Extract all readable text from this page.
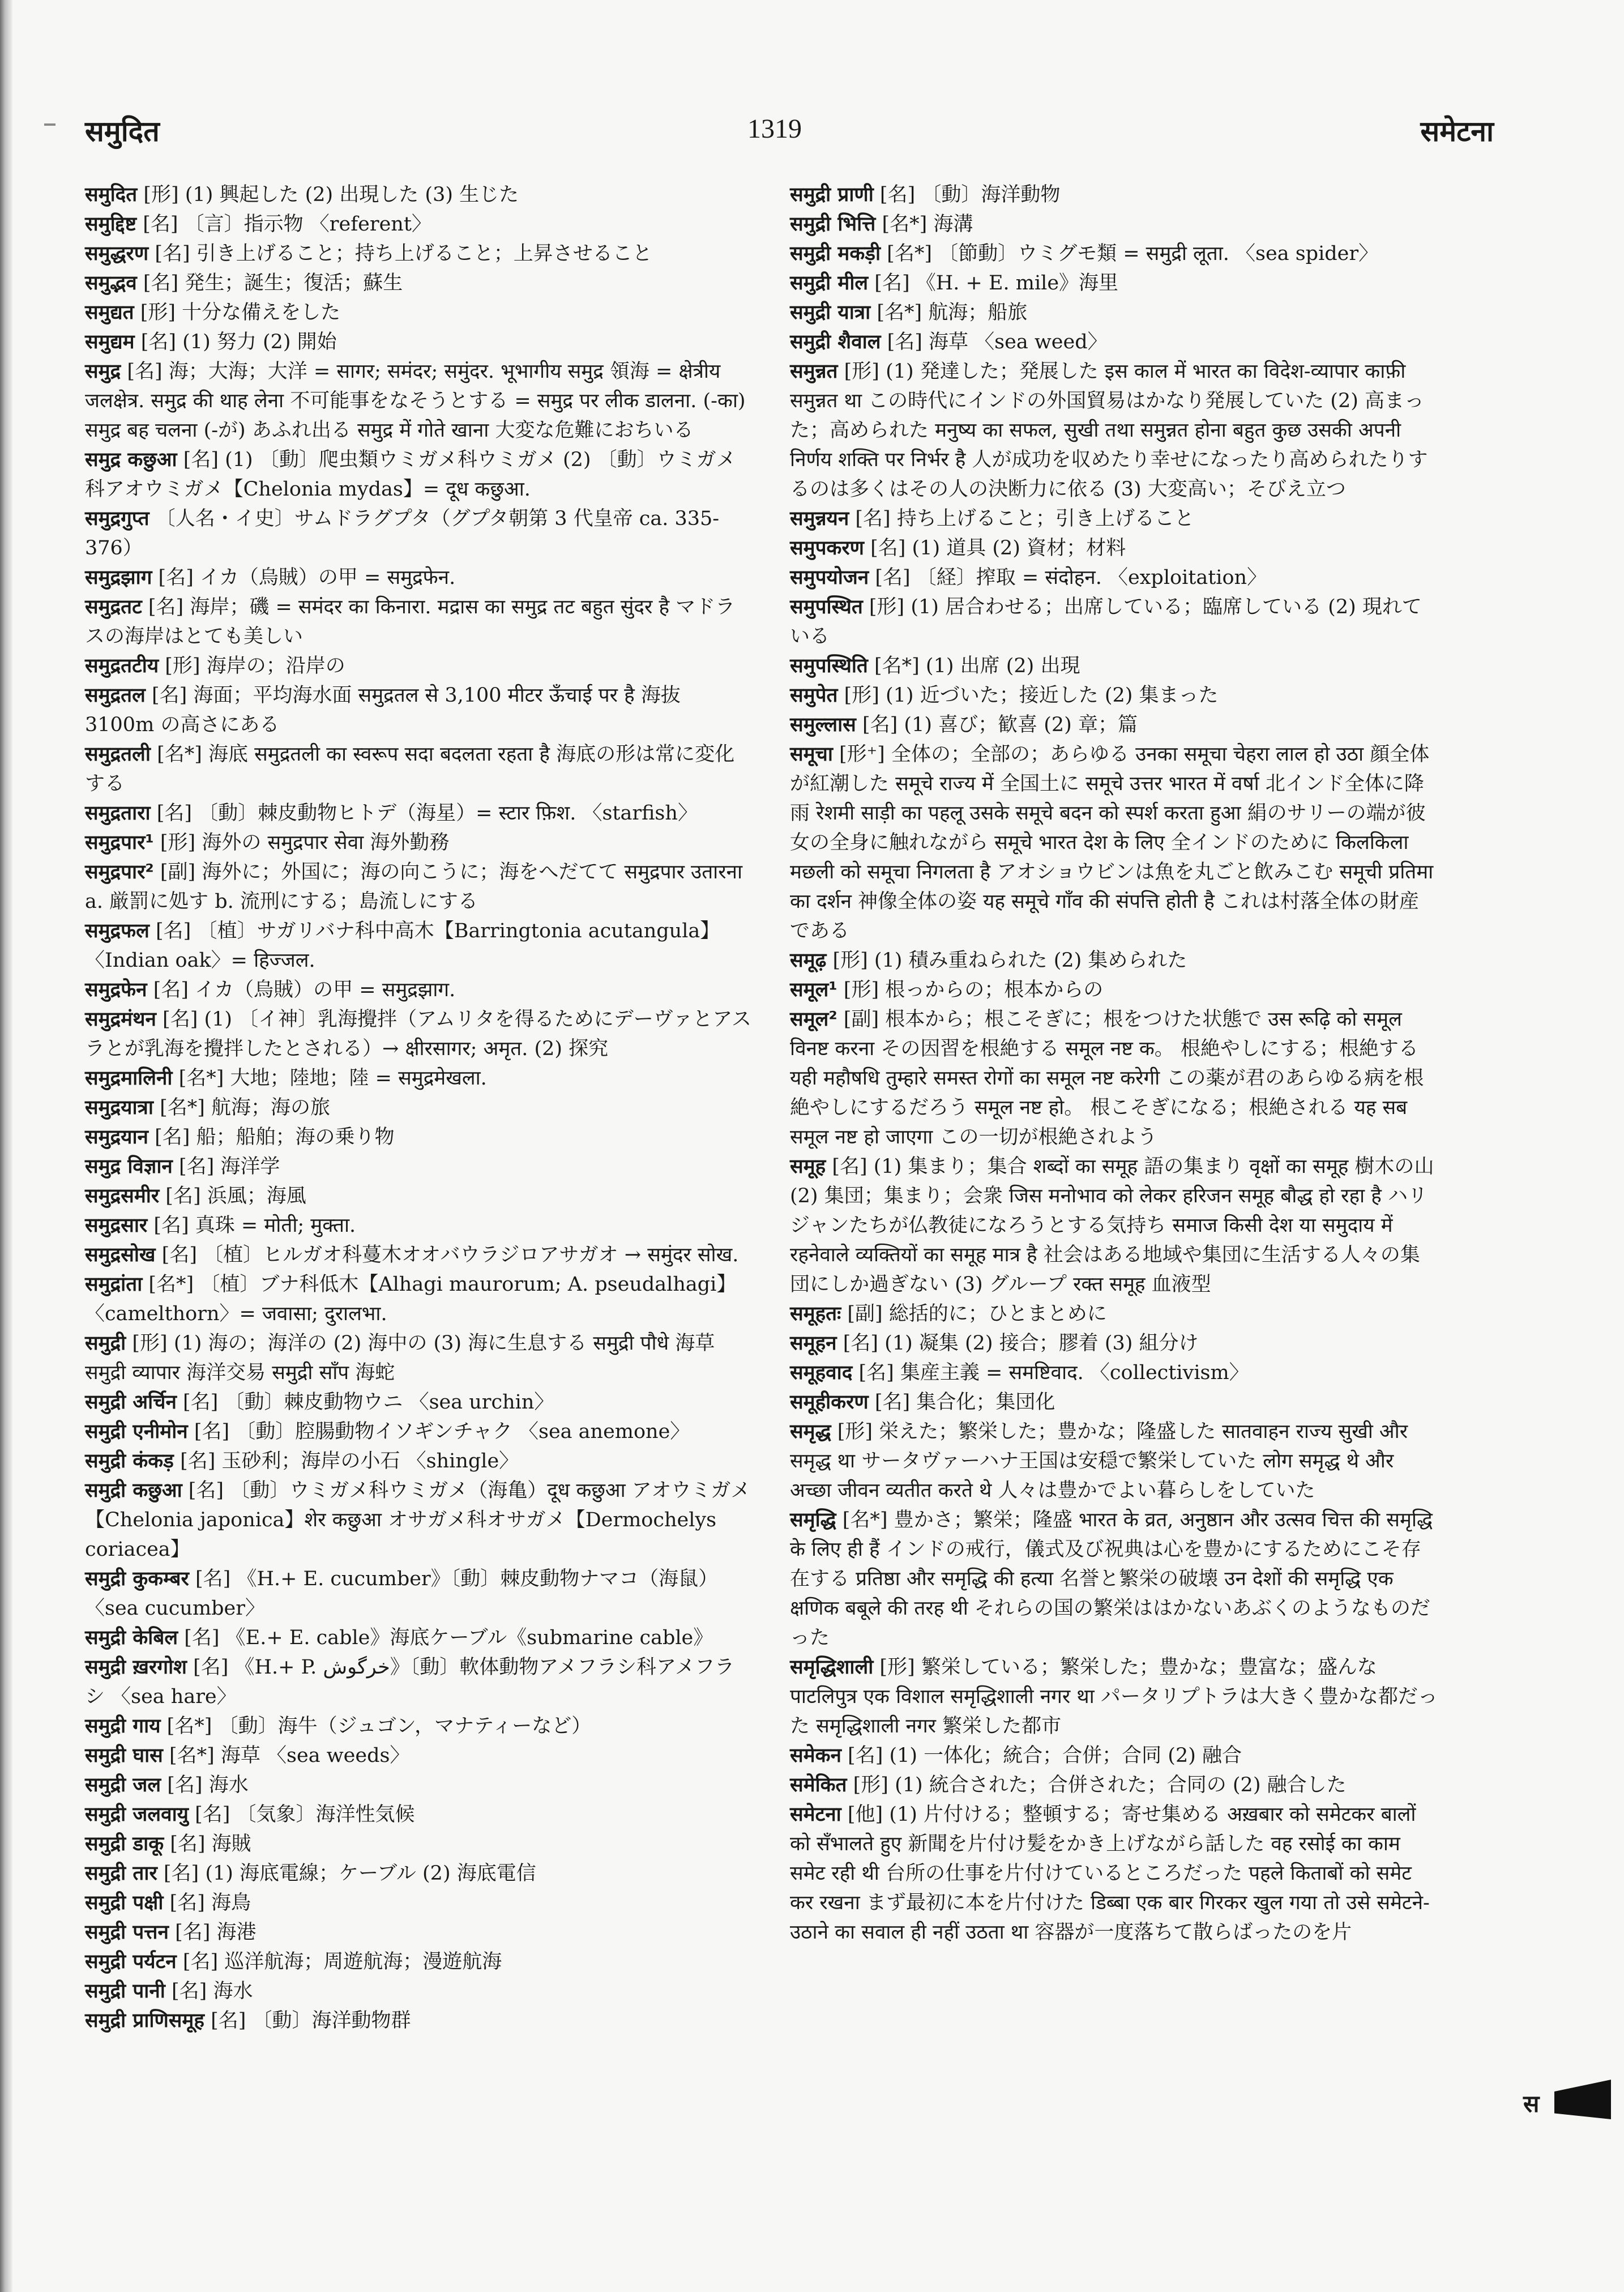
समुदित	1319	समेटना

समुदित [形] (1) 興起した (2) 出現した (3) 生じた

समुद्दिष्ट [名] 〔言〕指示物 〈referent〉

समुद्धरण [名] 引き上げること；持ち上げること；上昇させること

समुद्भव [名] 発生；誕生；復活；蘇生

समुद्यत [形] 十分な備えをした

समुद्यम [名] (1) 努力 (2) 開始

समुद्र [名] 海；大海；大洋 = सागर; समंदर; समुंदर. भूभागीय समुद्र 領海 = क्षेत्रीय जलक्षेत्र. समुद्र की थाह लेना 不可能事をなそうとする = समुद्र पर लीक डालना. (-का) समुद्र बह चलना (-が) あふれ出る समुद्र में गोते खाना 大変な危難におちいる

समुद्र कछुआ [名] (1) 〔動〕爬虫類ウミガメ科ウミガメ (2) 〔動〕ウミガメ科アオウミガメ【Chelonia mydas】= दूध कछुआ.

समुद्रगुप्त 〔人名・イ史〕サムドラグプタ（グプタ朝第 3 代皇帝 ca. 335-376）

समुद्रझाग [名] イカ（烏賊）の甲 = समुद्रफेन.

समुद्रतट [名] 海岸；磯 = समंदर का किनारा. मद्रास का समुद्र तट बहुत सुंदर है マドラスの海岸はとても美しい

समुद्रतटीय [形] 海岸の；沿岸の

समुद्रतल [名] 海面；平均海水面 समुद्रतल से 3,100 मीटर ऊँचाई पर है 海抜 3100m の高さにある

समुद्रतली [名*] 海底 समुद्रतली का स्वरूप सदा बदलता रहता है 海底の形は常に変化する

समुद्रतारा [名] 〔動〕棘皮動物ヒトデ（海星）= स्टार फ़िश. 〈starfish〉

समुद्रपार¹ [形] 海外の समुद्रपार सेवा 海外勤務

समुद्रपार² [副] 海外に；外国に；海の向こうに；海をへだてて समुद्रपार उतारना a. 厳罰に処す b. 流刑にする；島流しにする

समुद्रफल [名] 〔植〕サガリバナ科中高木【Barringtonia acutangula】〈Indian oak〉= हिज्जल.

समुद्रफेन [名] イカ（烏賊）の甲 = समुद्रझाग.

समुद्रमंथन [名] (1) 〔イ神〕乳海攪拌（アムリタを得るためにデーヴァとアスラとが乳海を攪拌したとされる）→ क्षीरसागर; अमृत. (2) 探究

समुद्रमालिनी [名*] 大地；陸地；陸 = समुद्रमेखला.

समुद्रयात्रा [名*] 航海；海の旅

समुद्रयान [名] 船；船舶；海の乗り物

समुद्र विज्ञान [名] 海洋学

समुद्रसमीर [名] 浜風；海風

समुद्रसार [名] 真珠 = मोती; मुक्ता.

समुद्रसोख [名] 〔植〕ヒルガオ科蔓木オオバウラジロアサガオ → समुंदर सोख.

समुद्रांता [名*] 〔植〕ブナ科低木【Alhagi maurorum; A. pseudalhagi】〈camelthorn〉= जवासा; दुरालभा.

समुद्री [形] (1) 海の；海洋の (2) 海中の (3) 海に生息する समुद्री पौधे 海草 समुद्री व्यापार 海洋交易 समुद्री साँप 海蛇

समुद्री अर्चिन [名] 〔動〕棘皮動物ウニ 〈sea urchin〉

समुद्री एनीमोन [名] 〔動〕腔腸動物イソギンチャク 〈sea anemone〉

समुद्री कंकड़ [名] 玉砂利；海岸の小石 〈shingle〉

समुद्री कछुआ [名] 〔動〕ウミガメ科ウミガメ（海亀）दूध कछुआ アオウミガメ【Chelonia japonica】शेर कछुआ オサガメ科オサガメ【Dermochelys coriacea】

समुद्री कुकम्बर [名] 《H.+ E. cucumber》〔動〕棘皮動物ナマコ（海鼠）〈sea cucumber〉

समुद्री केबिल [名] 《E.+ E. cable》海底ケーブル《submarine cable》

समुद्री ख़रगोश [名] 《H.+ P. خرگوش》〔動〕軟体動物アメフラシ科アメフラシ 〈sea hare〉

समुद्री गाय [名*] 〔動〕海牛（ジュゴン，マナティーなど）

समुद्री घास [名*] 海草 〈sea weeds〉

समुद्री जल [名] 海水

समुद्री जलवायु [名] 〔気象〕海洋性気候

समुद्री डाकू [名] 海賊

समुद्री तार [名] (1) 海底電線；ケーブル (2) 海底電信

समुद्री पक्षी [名] 海鳥

समुद्री पत्तन [名] 海港

समुद्री पर्यटन [名] 巡洋航海；周遊航海；漫遊航海

समुद्री पानी [名] 海水

समुद्री प्राणिसमूह [名] 〔動〕海洋動物群

समुद्री प्राणी [名] 〔動〕海洋動物

समुद्री भित्ति [名*] 海溝

समुद्री मकड़ी [名*] 〔節動〕ウミグモ類 = समुद्री लूता. 〈sea spider〉

समुद्री मील [名] 《H. + E. mile》海里

समुद्री यात्रा [名*] 航海；船旅

समुद्री शैवाल [名] 海草 〈sea weed〉

समुन्नत [形] (1) 発達した；発展した इस काल में भारत का विदेश-व्यापार काफ़ी समुन्नत था この時代にインドの外国貿易はかなり発展していた (2) 高まった；高められた मनुष्य का सफल, सुखी तथा समुन्नत होना बहुत कुछ उसकी अपनी निर्णय शक्ति पर निर्भर है 人が成功を収めたり幸せになったり高められたりするのは多くはその人の決断力に依る (3) 大変高い；そびえ立つ

समुन्नयन [名] 持ち上げること；引き上げること

समुपकरण [名] (1) 道具 (2) 資材；材料

समुपयोजन [名] 〔経〕搾取 = संदोहन. 〈exploitation〉

समुपस्थित [形] (1) 居合わせる；出席している；臨席している (2) 現れている

समुपस्थिति [名*] (1) 出席 (2) 出現

समुपेत [形] (1) 近づいた；接近した (2) 集まった

समुल्लास [名] (1) 喜び；歓喜 (2) 章；篇

समूचा [形⁺] 全体の；全部の；あらゆる उनका समूचा चेहरा लाल हो उठा 顔全体が紅潮した समूचे राज्य में 全国土に समूचे उत्तर भारत में वर्षा 北インド全体に降雨 रेशमी साड़ी का पहलू उसके समूचे बदन को स्पर्श करता हुआ 絹のサリーの端が彼女の全身に触れながら समूचे भारत देश के लिए 全インドのために किलकिला मछली को समूचा निगलता है アオショウビンは魚を丸ごと飲みこむ समूची प्रतिमा का दर्शन 神像全体の姿 यह समूचे गाँव की संपत्ति होती है これは村落全体の財産である

समूढ़ [形] (1) 積み重ねられた (2) 集められた

समूल¹ [形] 根っからの；根本からの

समूल² [副] 根本から；根こそぎに；根をつけた状態で उस रूढ़ि को समूल विनष्ट करना その因習を根絶する समूल नष्ट क。 根絶やしにする；根絶する यही महौषधि तुम्हारे समस्त रोगों का समूल नष्ट करेगी この薬が君のあらゆる病を根絶やしにするだろう समूल नष्ट हो。 根こそぎになる；根絶される यह सब समूल नष्ट हो जाएगा この一切が根絶されよう

समूह [名] (1) 集まり；集合 शब्दों का समूह 語の集まり वृक्षों का समूह 樹木の山 (2) 集団；集まり；会衆 जिस मनोभाव को लेकर हरिजन समूह बौद्ध हो रहा है ハリジャンたちが仏教徒になろうとする気持ち समाज किसी देश या समुदाय में रहनेवाले व्यक्तियों का समूह मात्र है 社会はある地域や集団に生活する人々の集団にしか過ぎない (3) グループ रक्त समूह 血液型

समूहतः [副] 総括的に；ひとまとめに

समूहन [名] (1) 凝集 (2) 接合；膠着 (3) 組分け

समूहवाद [名] 集産主義 = समष्टिवाद. 〈collectivism〉

समूहीकरण [名] 集合化；集団化

समृद्ध [形] 栄えた；繁栄した；豊かな；隆盛した सातवाहन राज्य सुखी और समृद्ध था サータヴァーハナ王国は安穏で繁栄していた लोग समृद्ध थे और अच्छा जीवन व्यतीत करते थे 人々は豊かでよい暮らしをしていた

समृद्धि [名*] 豊かさ；繁栄；隆盛 भारत के व्रत, अनुष्ठान और उत्सव चित्त की समृद्धि के लिए ही हैं インドの戒行，儀式及び祝典は心を豊かにするためにこそ存在する प्रतिष्ठा और समृद्धि की हत्या 名誉と繁栄の破壊 उन देशों की समृद्धि एक क्षणिक बबूले की तरह थी それらの国の繁栄ははかないあぶくのようなものだった

समृद्धिशाली [形] 繁栄している；繁栄した；豊かな；豊富な；盛んな पाटलिपुत्र एक विशाल समृद्धिशाली नगर था パータリプトラは大きく豊かな都だった समृद्धिशाली नगर 繁栄した都市

समेकन [名] (1) 一体化；統合；合併；合同 (2) 融合

समेकित [形] (1) 統合された；合併された；合同の (2) 融合した

समेटना [他] (1) 片付ける；整頓する；寄せ集める अख़बार को समेटकर बालों को सँभालते हुए 新聞を片付け髪をかき上げながら話した वह रसोई का काम समेट रही थी 台所の仕事を片付けているところだった पहले किताबों को समेट कर रखना まず最初に本を片付けた डिब्बा एक बार गिरकर खुल गया तो उसे समेटने-उठाने का सवाल ही नहीं उठता था 容器が一度落ちて散らばったのを片

स
